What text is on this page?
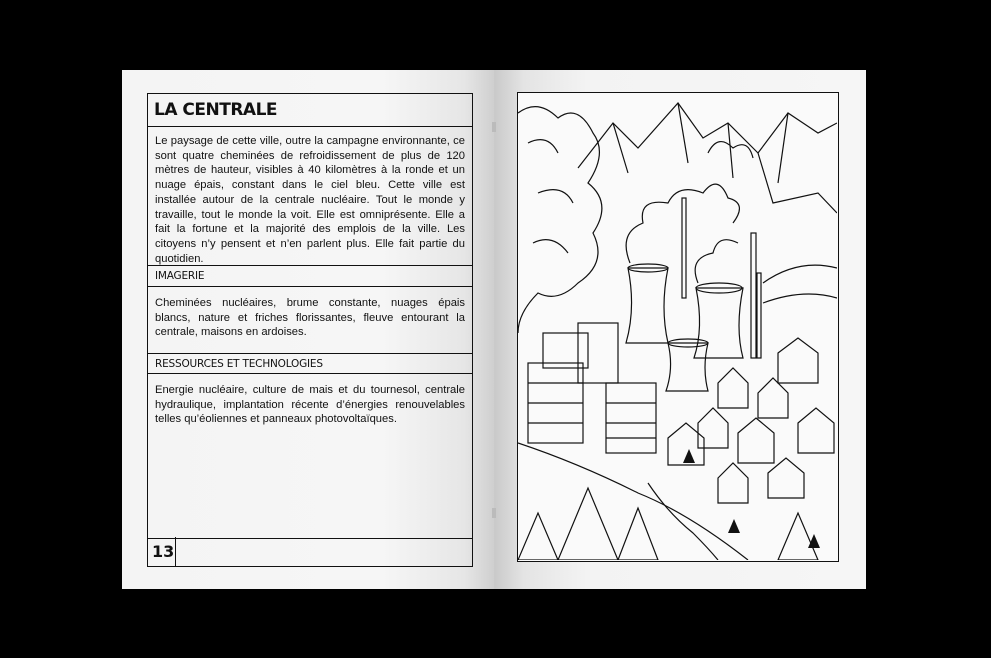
LA CENTRALE
Le paysage de cette ville, outre la campagne environnante, ce sont quatre cheminées de refroidissement de plus de 120 mètres de hauteur, visibles à 40 kilomètres à la ronde et un nuage épais, constant dans le ciel bleu. Cette ville est installée autour de la centrale nucléaire. Tout le monde y travaille, tout le monde la voit. Elle est omniprésente. Elle a fait la fortune et la majorité des emplois de la ville. Les citoyens n’y pensent et n’en parlent plus. Elle fait partie du quotidien.
IMAGERIE
Cheminées nucléaires, brume constante, nuages épais blancs, nature et friches florissantes, fleuve entourant la centrale, maisons en ardoises.
RESSOURCES ET TECHNOLOGIES
Energie nucléaire, culture de mais et du tournesol, centrale hydraulique, implantation récente d’énergies renouvelables telles qu’éoliennes et panneaux photovoltaïques.
13
